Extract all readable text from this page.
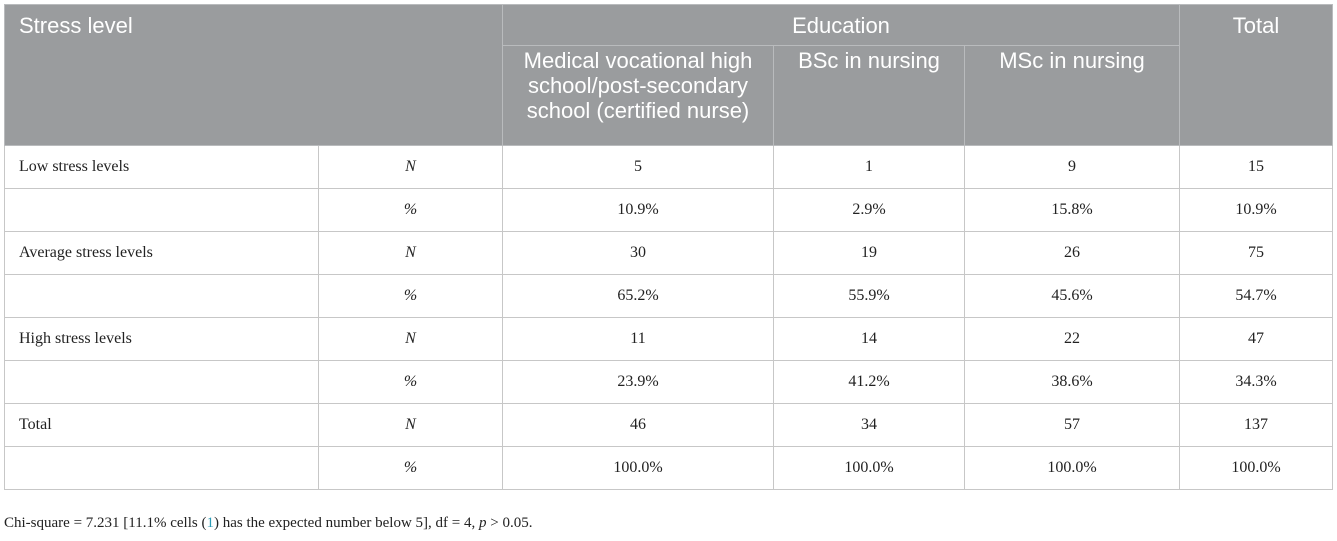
Stress level		Education			Total
		Medical vocational high school/post-secondary school (certified nurse)	BSc in nursing	MSc in nursing	
Low stress levels	N	5	1	9	15
	%	10.9%	2.9%	15.8%	10.9%
Average stress levels	N	30	19	26	75
	%	65.2%	55.9%	45.6%	54.7%
High stress levels	N	11	14	22	47
	%	23.9%	41.2%	38.6%	34.3%
Total	N	46	34	57	137
	%	100.0%	100.0%	100.0%	100.0%
Chi-square = 7.231 [11.1% cells (1) has the expected number below 5], df = 4, p > 0.05.
